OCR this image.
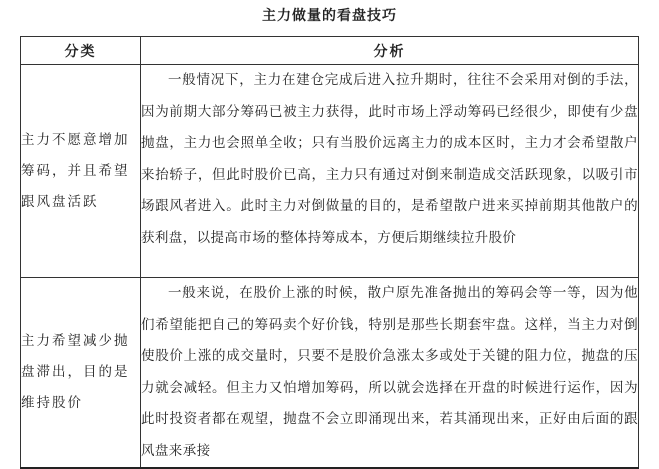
主力做量的看盘技巧
分类	分析
主力不愿意增加筹码，并且希望跟风盘活跃	一般情况下，主力在建仓完成后进入拉升期时，往往不会采用对倒的手法，因为前期大部分筹码已被主力获得，此时市场上浮动筹码已经很少，即使有少盘抛盘，主力也会照单全收；只有当股价远离主力的成本区时，主力才会希望散户来抬轿子，但此时股价已高，主力只有通过对倒来制造成交活跃现象，以吸引市场跟风者进入。此时主力对倒做量的目的，是希望散户进来买掉前期其他散户的获利盘，以提高市场的整体持筹成本，方便后期继续拉升股价

主力希望减少抛盘滞出，目的是维持股价	一般来说，在股价上涨的时候，散户原先准备抛出的筹码会等一等，因为他们希望能把自己的筹码卖个好价钱，特别是那些长期套牢盘。这样，当主力对倒使股价上涨的成交量时，只要不是股价急涨太多或处于关键的阻力位，抛盘的压力就会减轻。但主力又怕增加筹码，所以就会选择在开盘的时候进行运作，因为此时投资者都在观望，抛盘不会立即涌现出来，若其涌现出来，正好由后面的跟风盘来承接
